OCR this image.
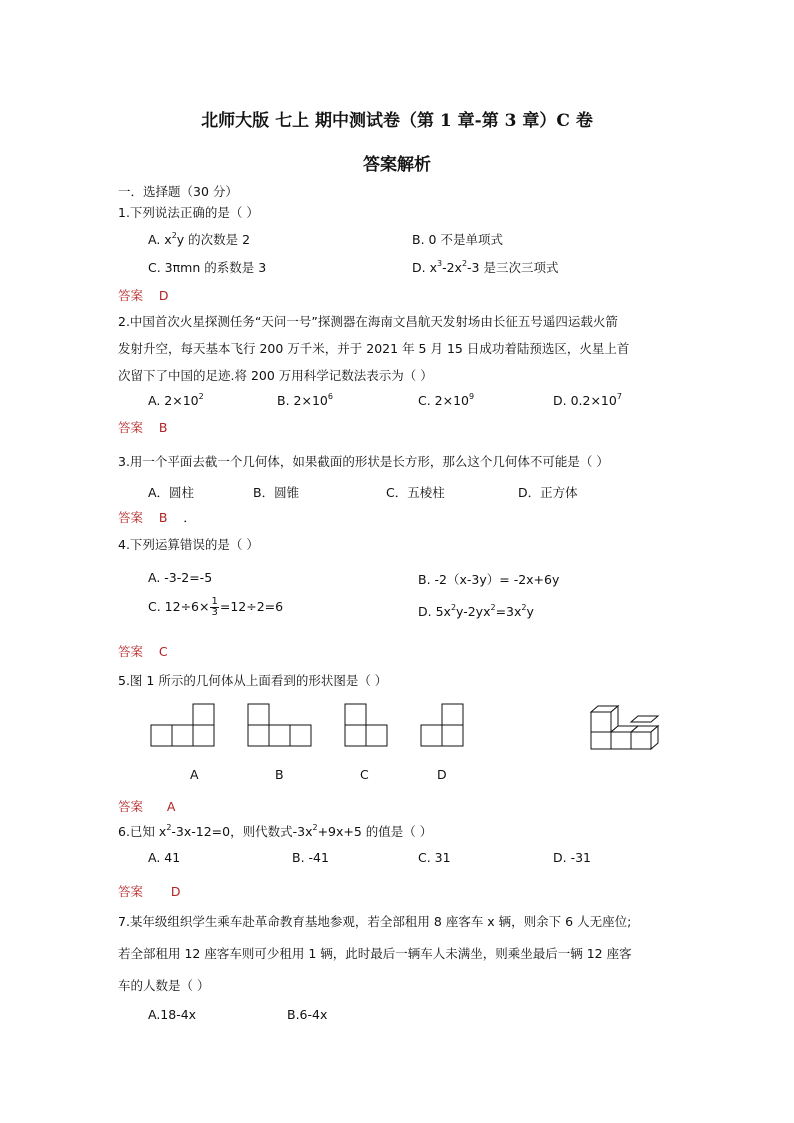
北师大版 七上 期中测试卷（第 1 章-第 3 章）C 卷
答案解析
一．选择题（30 分）
1.下列说法正确的是（ ）
A. $x^2y$ 的次数是 2	B. 0 不是单项式
C. 3πmn 的系数是 3	D. $x^3-2x^2-3$ 是三次三项式
答案 D
2.中国首次火星探测任务“天问一号”探测器在海南文昌航天发射场由长征五号遥四运载火箭
发射升空，每天基本飞行 200 万千米，并于 2021 年 5 月 15 日成功着陆预选区，火星上首
次留下了中国的足迹.将 200 万用科学记数法表示为（ ）
A. $2\times 10^2$	B. $2\times 10^6$	C. $2\times 10^9$	D. $0.2\times 10^7$
答案 B
3.用一个平面去截一个几何体，如果截面的形状是长方形，那么这个几何体不可能是（ ）
A．圆柱	B．圆锥	C．五棱柱	D．正方体
答案 B ．
4.下列运算错误的是（ ）
A. -3-2=-5	B. -2（x-3y）= -2x+6y
C. $12\div 6\times \frac{1}{3} =12\div 2=6$	D. $5x^2y-2yx^2=3x^2y$
答案 C
5.图 1 所示的几何体从上面看到的形状图是（ ）
A	B	C	D
答案 A
6.已知 $x^2-3x-12=0$，则代数式$-3x^2+9x+5$ 的值是（ ）
A. 41	B. -41	C. 31	D. -31
答案 D
7.某年级组织学生乘车赴革命教育基地参观，若全部租用 8 座客车 x 辆，则余下 6 人无座位;
若全部租用 12 座客车则可少租用 1 辆，此时最后一辆车人未满坐，则乘坐最后一辆 12 座客
车的人数是（ ）
A.18-4x	B.6-4x
